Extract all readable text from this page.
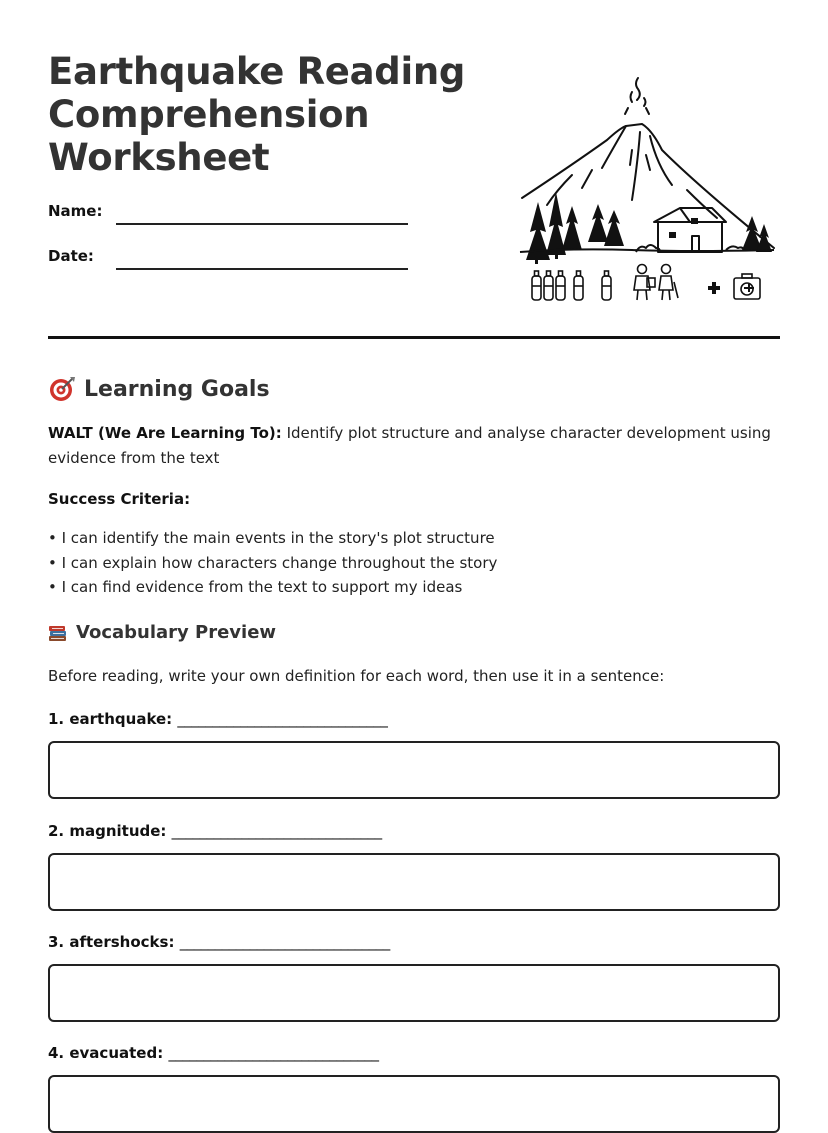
Earthquake Reading Comprehension Worksheet
Name:
Date:
Learning Goals
WALT (We Are Learning To): Identify plot structure and analyse character development using evidence from the text
Success Criteria:
• I can identify the main events in the story's plot structure
• I can explain how characters change throughout the story
• I can find evidence from the text to support my ideas
Vocabulary Preview
Before reading, write your own definition for each word, then use it in a sentence:
1. earthquake: ______________________________
2. magnitude: ______________________________
3. aftershocks: ______________________________
4. evacuated: ______________________________
